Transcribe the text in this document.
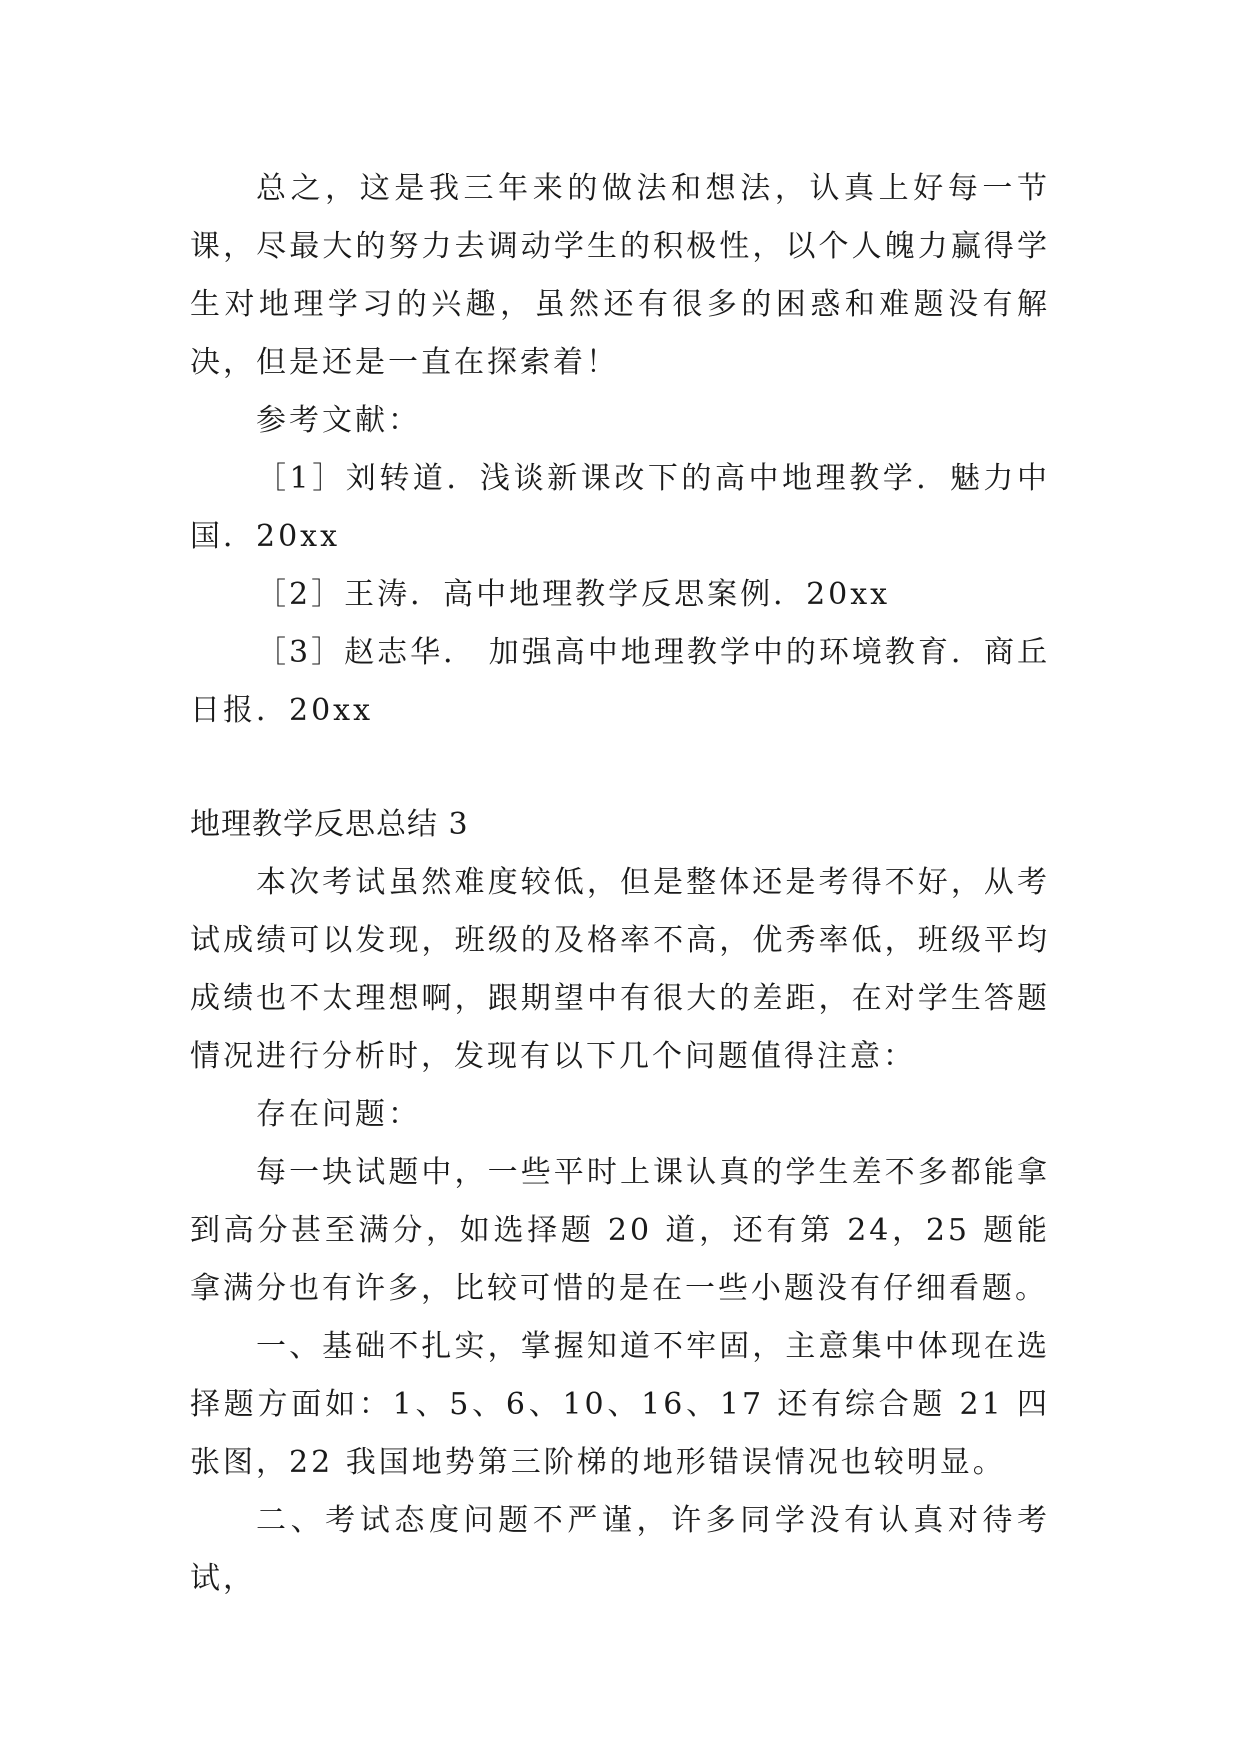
总之，这是我三年来的做法和想法，认真上好每一节课，尽最大的努力去调动学生的积极性，以个人魄力赢得学生对地理学习的兴趣，虽然还有很多的困惑和难题没有解决，但是还是一直在探索着！

参考文献：

［1］刘转道．浅谈新课改下的高中地理教学．魅力中国．20xx

［2］王涛．高中地理教学反思案例．20xx

［3］赵志华． 加强高中地理教学中的环境教育．商丘日报．20xx

地理教学反思总结 3

本次考试虽然难度较低，但是整体还是考得不好，从考试成绩可以发现，班级的及格率不高，优秀率低，班级平均成绩也不太理想啊，跟期望中有很大的差距，在对学生答题情况进行分析时，发现有以下几个问题值得注意：

存在问题：

每一块试题中，一些平时上课认真的学生差不多都能拿到高分甚至满分，如选择题 20 道，还有第 24，25 题能拿满分也有许多，比较可惜的是在一些小题没有仔细看题。

一、基础不扎实，掌握知道不牢固，主意集中体现在选择题方面如：1、5、6、10、16、17 还有综合题 21 四张图，22 我国地势第三阶梯的地形错误情况也较明显。

二、考试态度问题不严谨，许多同学没有认真对待考试，
